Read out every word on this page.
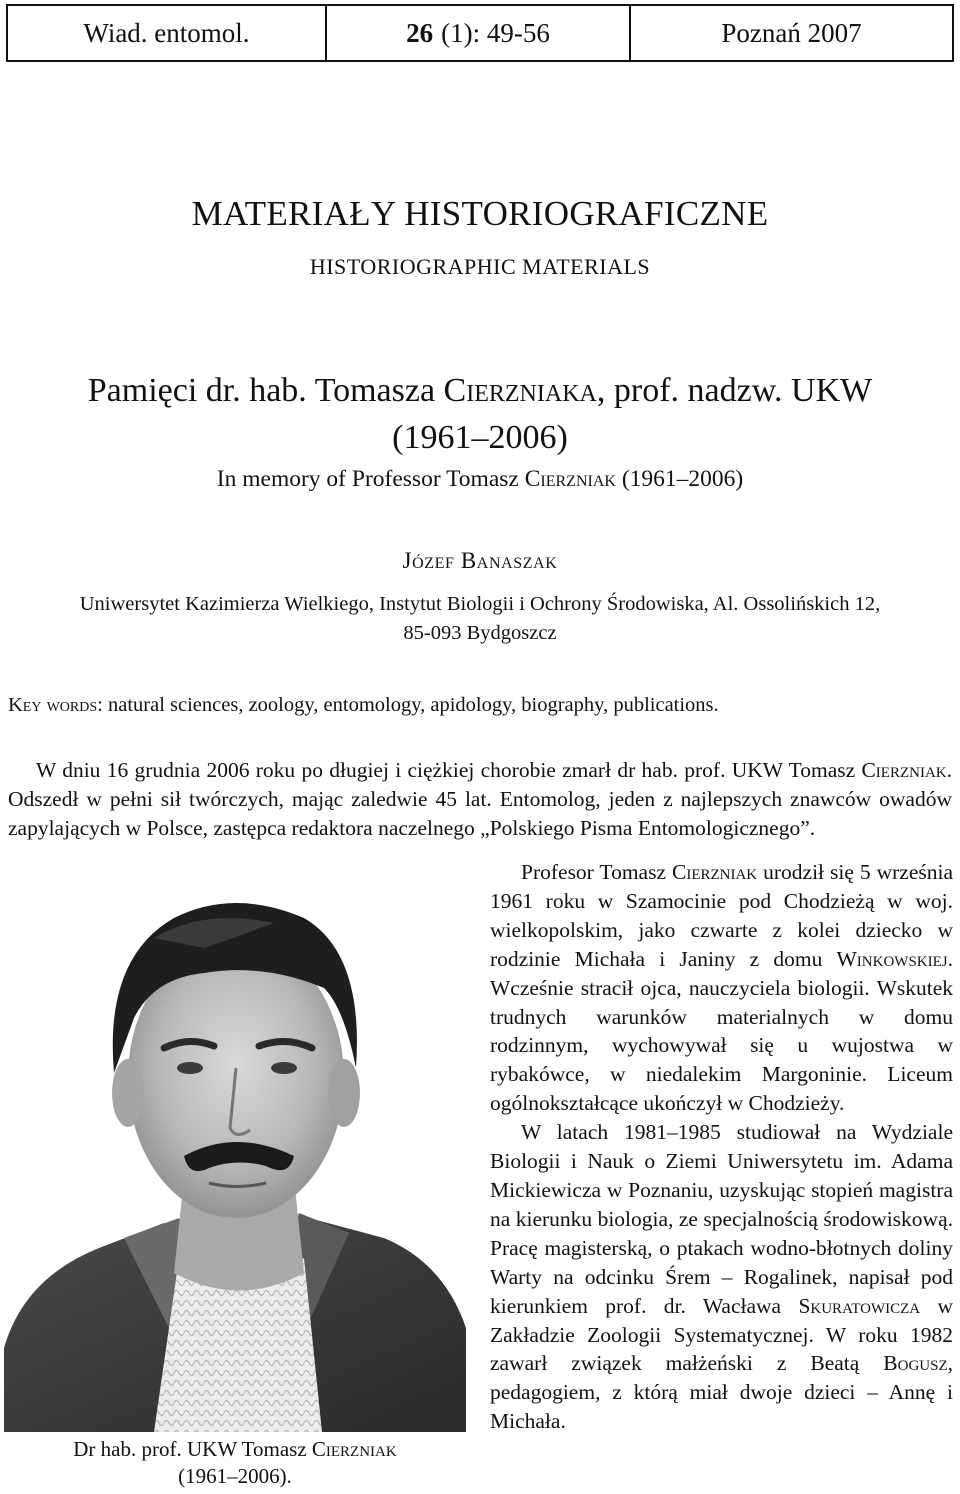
Wiad. entomol.	26 (1): 49-56	Poznań 2007
MATERIAŁY HISTORIOGRAFICZNE
HISTORIOGRAPHIC MATERIALS
Pamięci dr. hab. Tomasza Cierzniaka, prof. nadzw. UKW
(1961–2006)
In memory of Professor Tomasz Cierzniak (1961–2006)
Józef Banaszak
Uniwersytet Kazimierza Wielkiego, Instytut Biologii i Ochrony Środowiska, Al. Ossolińskich 12,
85-093 Bydgoszcz
Key words: natural sciences, zoology, entomology, apidology, biography, publications.

W dniu 16 grudnia 2006 roku po długiej i ciężkiej chorobie zmarł dr hab. prof. UKW Tomasz Cierzniak. Odszedł w pełni sił twórczych, mając zaledwie 45 lat. Entomolog, jeden z najlepszych znawców owadów zapylających w Polsce, zastępca redaktora naczelnego „Polskiego Pisma Entomologicznego”.

Profesor Tomasz Cierzniak urodził się 5 września 1961 roku w Szamocinie pod Chodzieżą w woj. wielkopolskim, jako czwarte z kolei dziecko w rodzinie Michała i Janiny z domu Winkowskiej. Wcześnie stracił ojca, nauczyciela biologii. Wskutek trudnych warunków materialnych w domu rodzinnym, wychowywał się u wujostwa w rybakówce, w niedalekim Margoninie. Liceum ogólnokształcące ukończył w Chodzieży.

W latach 1981–1985 studiował na Wydziale Biologii i Nauk o Ziemi Uniwersytetu im. Adama Mickiewicza w Poznaniu, uzyskując stopień magistra na kierunku biologia, ze specjalnością środowiskową. Pracę magisterską, o ptakach wodno-błotnych doliny Warty na odcinku Śrem – Rogalinek, napisał pod kierunkiem prof. dr. Wacława Skuratowicza w Zakładzie Zoologii Systematycznej. W roku 1982 zawarł związek małżeński z Beatą Bogusz, pedagogiem, z którą miał dwoje dzieci – Annę i Michała.

Dr hab. prof. UKW Tomasz Cierzniak
(1961–2006).
